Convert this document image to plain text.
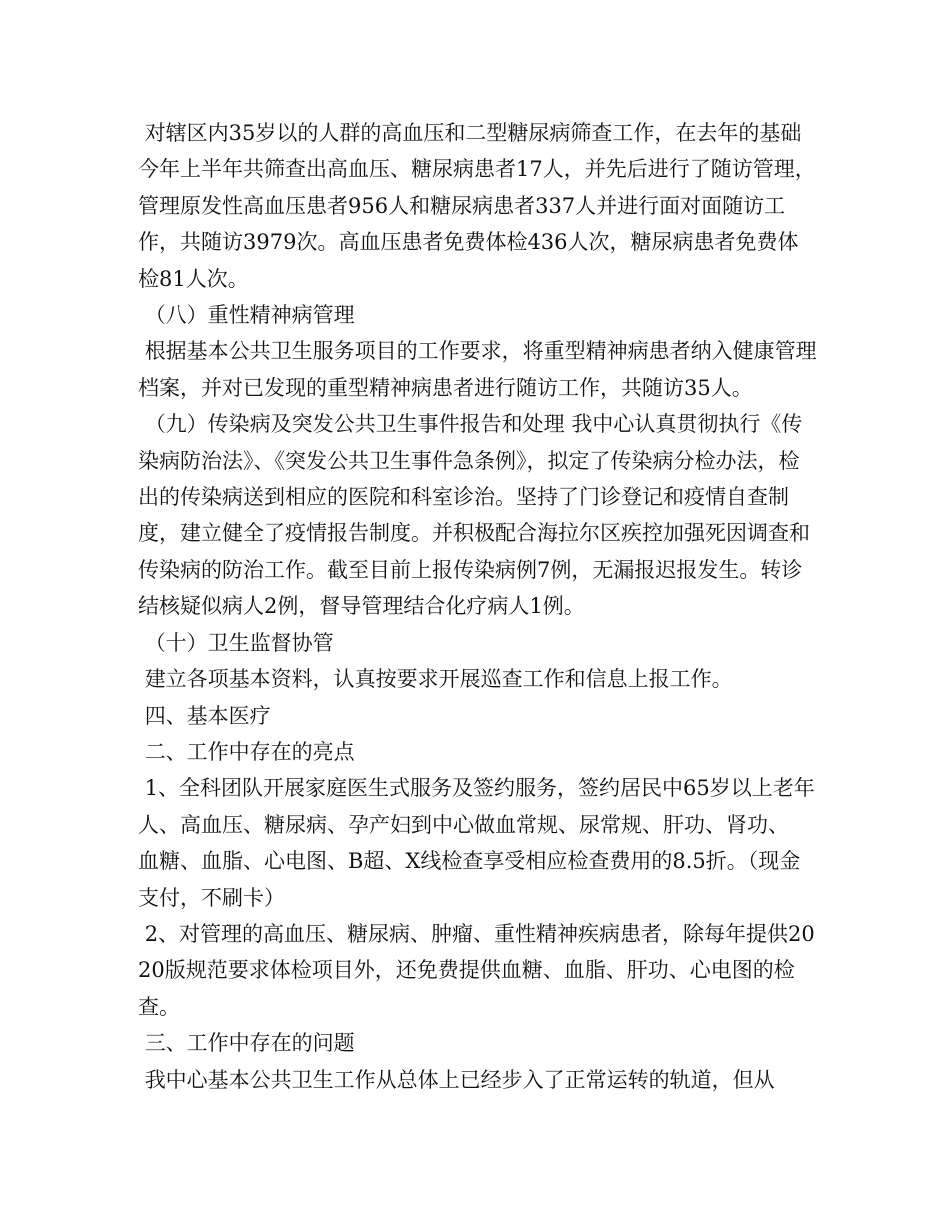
对辖区内35岁以的人群的高血压和二型糖尿病筛查工作，在去年的基础今年上半年共筛查出高血压、糖尿病患者17人，并先后进行了随访管理，管理原发性高血压患者956人和糖尿病患者337人并进行面对面随访工作，共随访3979次。高血压患者免费体检436人次，糖尿病患者免费体检81人次。

（八）重性精神病管理

根据基本公共卫生服务项目的工作要求，将重型精神病患者纳入健康管理档案，并对已发现的重型精神病患者进行随访工作，共随访35人。

（九）传染病及突发公共卫生事件报告和处理 我中心认真贯彻执行《传染病防治法》、《突发公共卫生事件急条例》，拟定了传染病分检办法，检出的传染病送到相应的医院和科室诊治。坚持了门诊登记和疫情自查制度，建立健全了疫情报告制度。并积极配合海拉尔区疾控加强死因调查和传染病的防治工作。截至目前上报传染病例7例，无漏报迟报发生。转诊结核疑似病人2例，督导管理结合化疗病人1例。

（十）卫生监督协管

建立各项基本资料，认真按要求开展巡查工作和信息上报工作。

四、基本医疗

二、工作中存在的亮点

1、全科团队开展家庭医生式服务及签约服务，签约居民中65岁以上老年人、高血压、糖尿病、孕产妇到中心做血常规、尿常规、肝功、肾功、

血糖、血脂、心电图、B超、X线检查享受相应检查费用的8.5折。（现金支付，不刷卡）

2、对管理的高血压、糖尿病、肿瘤、重性精神疾病患者，除每年提供2020版规范要求体检项目外，还免费提供血糖、血脂、肝功、心电图的检查。

三、工作中存在的问题

我中心基本公共卫生工作从总体上已经步入了正常运转的轨道，但从
